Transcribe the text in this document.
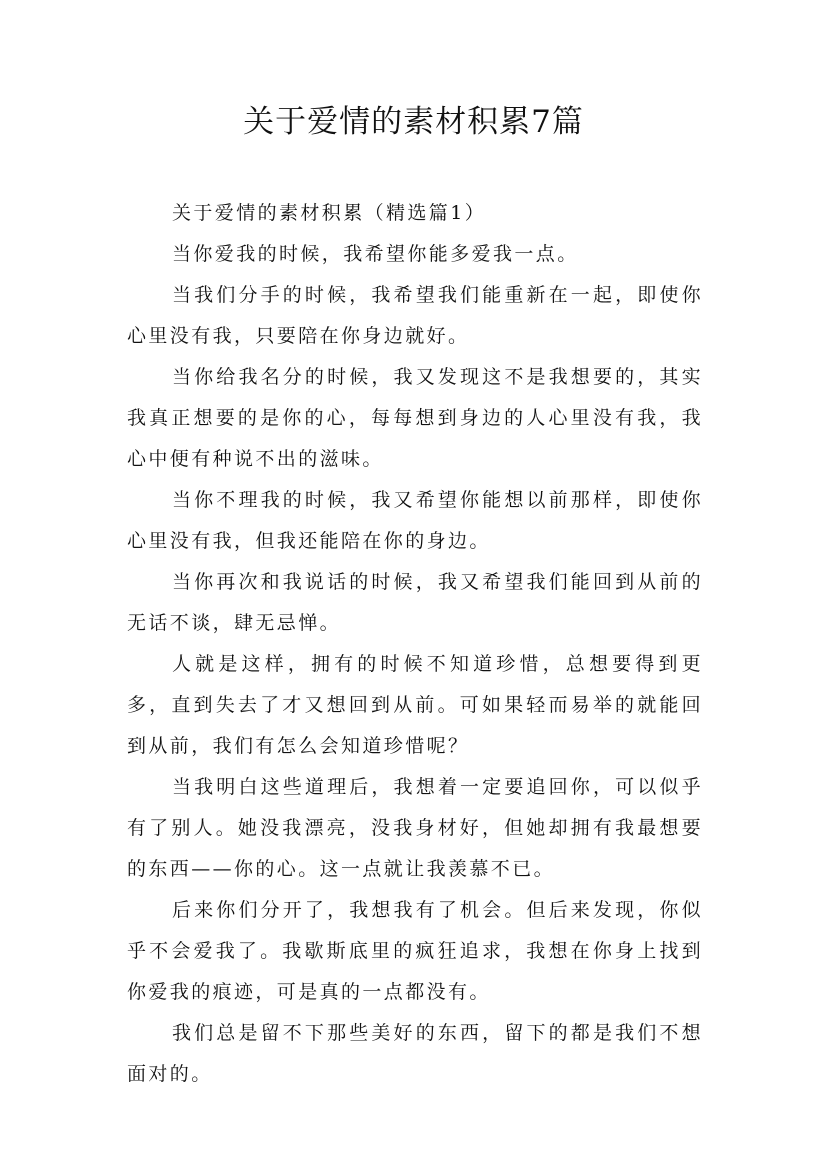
关于爱情的素材积累7篇

关于爱情的素材积累（精选篇1）

当你爱我的时候，我希望你能多爱我一点。

当我们分手的时候，我希望我们能重新在一起，即使你心里没有我，只要陪在你身边就好。

当你给我名分的时候，我又发现这不是我想要的，其实我真正想要的是你的心，每每想到身边的人心里没有我，我心中便有种说不出的滋味。

当你不理我的时候，我又希望你能想以前那样，即使你心里没有我，但我还能陪在你的身边。

当你再次和我说话的时候，我又希望我们能回到从前的无话不谈，肆无忌惮。

人就是这样，拥有的时候不知道珍惜，总想要得到更多，直到失去了才又想回到从前。可如果轻而易举的就能回到从前，我们有怎么会知道珍惜呢？

当我明白这些道理后，我想着一定要追回你，可以似乎有了别人。她没我漂亮，没我身材好，但她却拥有我最想要的东西——你的心。这一点就让我羡慕不已。

后来你们分开了，我想我有了机会。但后来发现，你似乎不会爱我了。我歇斯底里的疯狂追求，我想在你身上找到你爱我的痕迹，可是真的一点都没有。

我们总是留不下那些美好的东西，留下的都是我们不想面对的。
